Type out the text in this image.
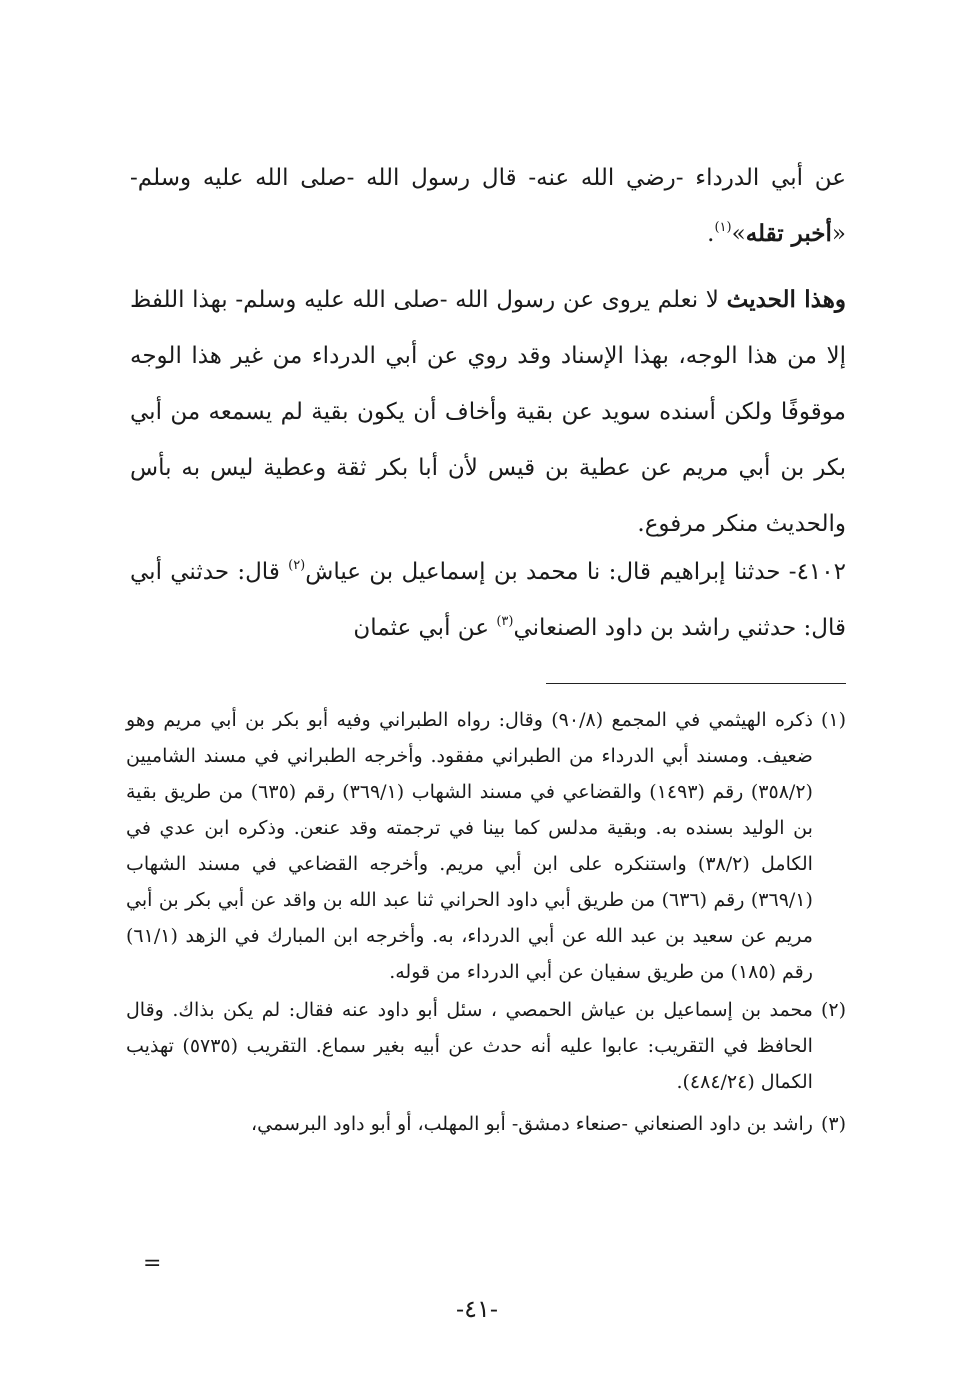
عن أبي الدرداء -رضي الله عنه- قال رسول الله -صلى الله عليه وسلم- «أخبر تقله»$^{(١)}$.

وهذا الحديث لا نعلم يروى عن رسول الله -صلى الله عليه وسلم- بهذا اللفظ إلا من هذا الوجه، بهذا الإسناد وقد روي عن أبي الدرداء من غير هذا الوجه موقوفًا ولكن أسنده سويد عن بقية وأخاف أن يكون بقية لم يسمعه من أبي بكر بن أبي مريم عن عطية بن قيس لأن أبا بكر ثقة وعطية ليس به بأس والحديث منكر مرفوع.

٤١٠٢- حدثنا إبراهيم قال: نا محمد بن إسماعيل بن عياش$^{(٢)}$ قال: حدثني أبي قال: حدثني راشد بن داود الصنعاني$^{(٣)}$ عن أبي عثمان

(١)
ذكره الهيثمي في المجمع (٩٠/٨) وقال: رواه الطبراني وفيه أبو بكر بن أبي مريم وهو ضعيف. ومسند أبي الدرداء من الطبراني مفقود. وأخرجه الطبراني في مسند الشاميين (٣٥٨/٢) رقم (١٤٩٣) والقضاعي في مسند الشهاب (٣٦٩/١) رقم (٦٣٥) من طريق بقية بن الوليد بسنده به. وبقية مدلس كما بينا في ترجمته وقد عنعن. وذكره ابن عدي في الكامل (٣٨/٢) واستنكره على ابن أبي مريم. وأخرجه القضاعي في مسند الشهاب (٣٦٩/١) رقم (٦٣٦) من طريق أبي داود الحراني ثنا عبد الله بن واقد عن أبي بكر بن أبي مريم عن سعيد بن عبد الله عن أبي الدرداء، به. وأخرجه ابن المبارك في الزهد (٦١/١) رقم (١٨٥) من طريق سفيان عن أبي الدرداء من قوله.
(٢)
محمد بن إسماعيل بن عياش الحمصي ، سئل أبو داود عنه فقال: لم يكن بذاك. وقال الحافظ في التقريب: عابوا عليه أنه حدث عن أبيه بغير سماع. التقريب (٥٧٣٥) تهذيب الكمال (٤٨٤/٢٤).
(٣)
راشد بن داود الصنعاني -صنعاء دمشق- أبو المهلب، أو أبو داود البرسمي،
=
-٤١-
